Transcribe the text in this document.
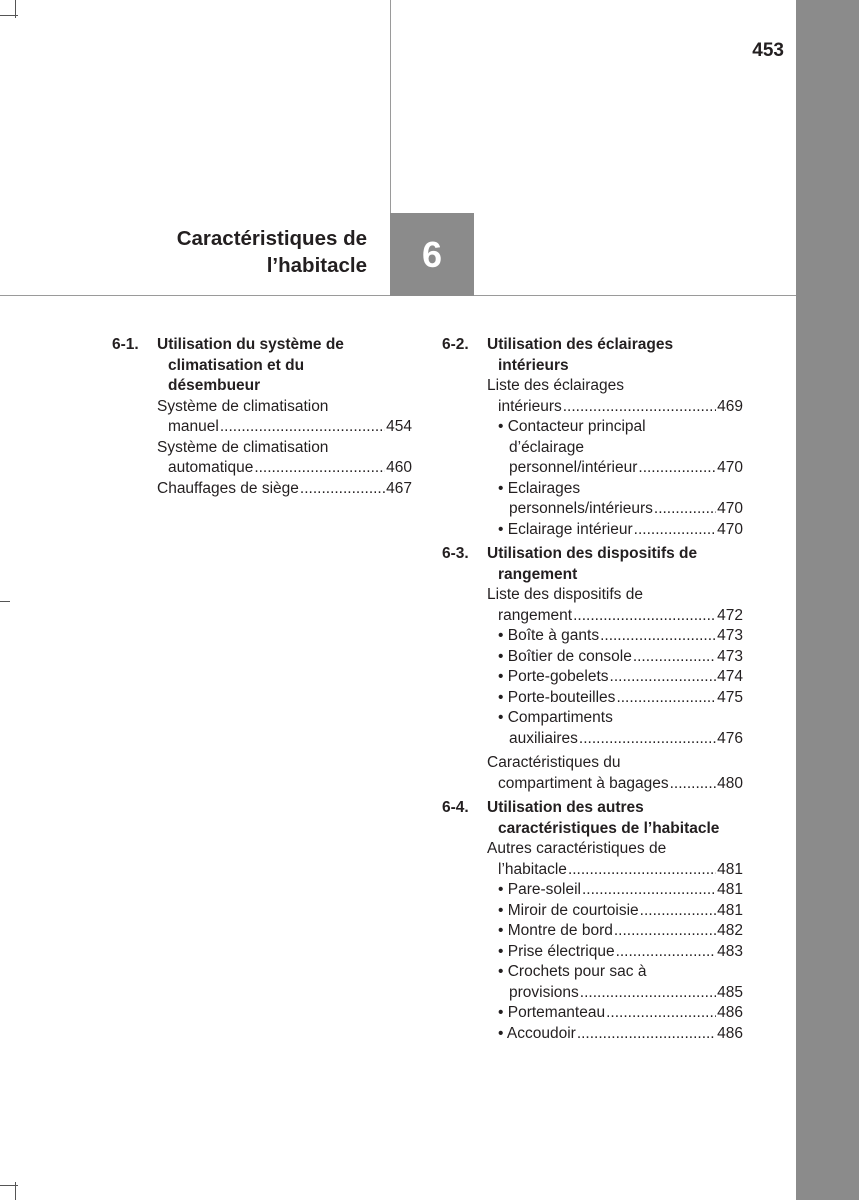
453
Caractéristiques de
l’habitacle 6
6-1.	Utilisation du système de
climatisation et du
désembueur
Système de climatisation
manuel .....	454
Système de climatisation
automatique .....	460
Chauffages de siège .....	467
6-2.	Utilisation des éclairages
intérieurs
Liste des éclairages
intérieurs .....	469
• Contacteur principal
d’éclairage
personnel/intérieur .....	470
• Eclairages
personnels/intérieurs .....	470
• Eclairage intérieur .....	470
6-3.	Utilisation des dispositifs de
rangement
Liste des dispositifs de
rangement .....	472
• Boîte à gants .....	473
• Boîtier de console .....	473
• Porte-gobelets .....	474
• Porte-bouteilles .....	475
• Compartiments
auxiliaires .....	476
Caractéristiques du
compartiment à bagages .....	480
6-4.	Utilisation des autres
caractéristiques de l’habitacle
Autres caractéristiques de
l’habitacle .....	481
• Pare-soleil .....	481
• Miroir de courtoisie .....	481
• Montre de bord .....	482
• Prise électrique .....	483
• Crochets pour sac à
provisions .....	485
• Portemanteau .....	486
• Accoudoir .....	486
